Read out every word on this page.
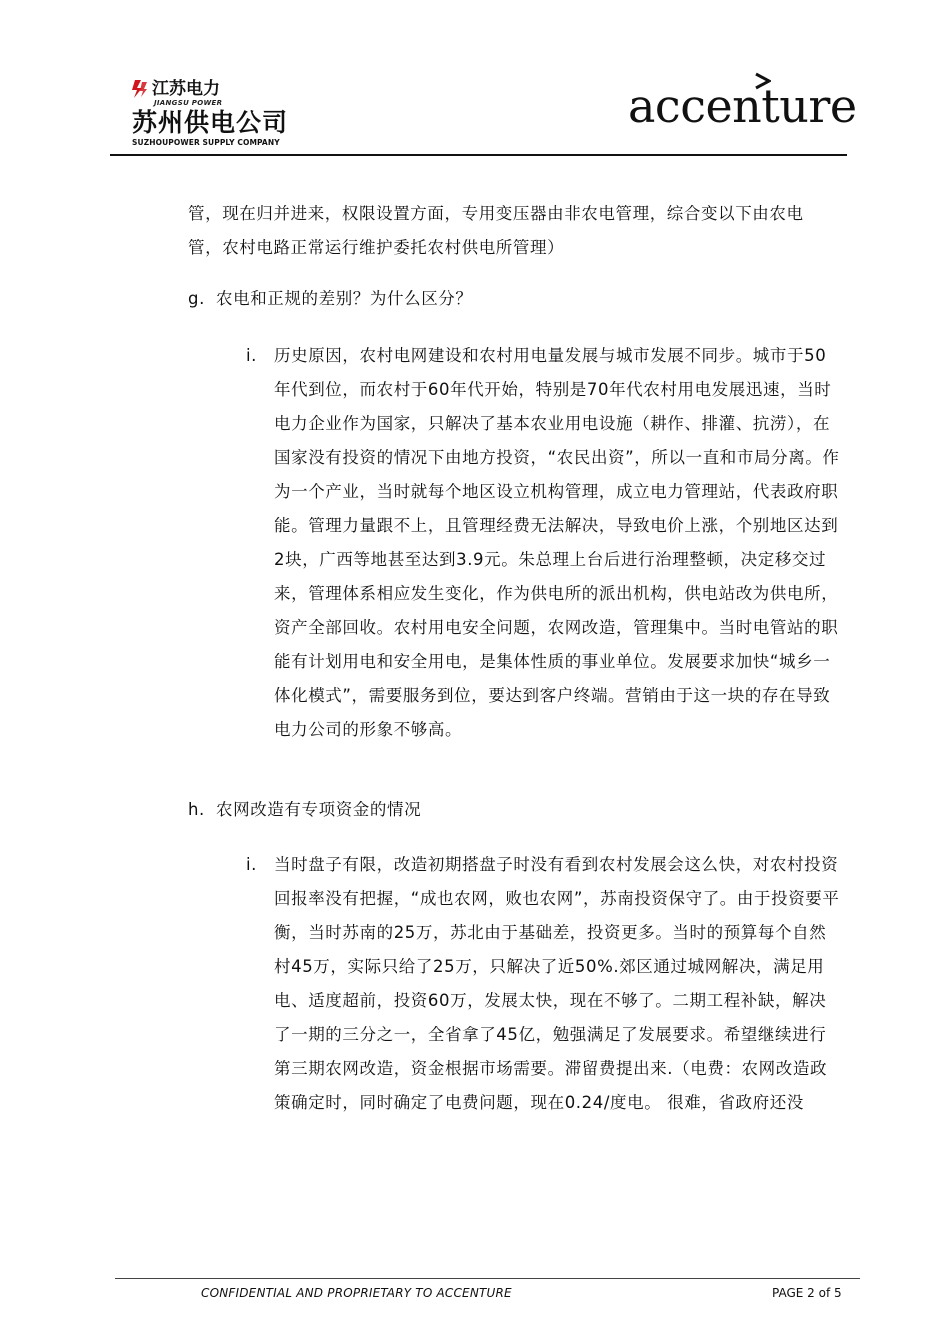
江苏电力
JIANGSU POWER
苏州供电公司
SUZHOUPOWER SUPPLY COMPANY
accenture
管，现在归并进来，权限设置方面，专用变压器由非农电管理，综合变以下由农电管，农村电路正常运行维护委托农村供电所管理）
g. 农电和正规的差别？为什么区分？
i. 历史原因，农村电网建设和农村用电量发展与城市发展不同步。城市于50年代到位，而农村于60年代开始，特别是70年代农村用电发展迅速，当时电力企业作为国家，只解决了基本农业用电设施（耕作、排灌、抗涝），在国家没有投资的情况下由地方投资，“农民出资”，所以一直和市局分离。作为一个产业，当时就每个地区设立机构管理，成立电力管理站，代表政府职能。管理力量跟不上，且管理经费无法解决，导致电价上涨，个别地区达到2块，广西等地甚至达到3.9元。朱总理上台后进行治理整顿，决定移交过来，管理体系相应发生变化，作为供电所的派出机构，供电站改为供电所，资产全部回收。农村用电安全问题，农网改造，管理集中。当时电管站的职能有计划用电和安全用电，是集体性质的事业单位。发展要求加快“城乡一体化模式”，需要服务到位，要达到客户终端。营销由于这一块的存在导致电力公司的形象不够高。
h. 农网改造有专项资金的情况
i. 当时盘子有限，改造初期搭盘子时没有看到农村发展会这么快，对农村投资回报率没有把握，“成也农网，败也农网”，苏南投资保守了。由于投资要平衡，当时苏南的25万，苏北由于基础差，投资更多。当时的预算每个自然村45万，实际只给了25万，只解决了近50%.郊区通过城网解决，满足用电、适度超前，投资60万，发展太快，现在不够了。二期工程补缺，解决了一期的三分之一，全省拿了45亿，勉强满足了发展要求。希望继续进行第三期农网改造，资金根据市场需要。滞留费提出来.（电费：农网改造政策确定时，同时确定了电费问题，现在0.24/度电。 很难，省政府还没
CONFIDENTIAL AND PROPRIETARY TO ACCENTURE	PAGE 2 of 5
